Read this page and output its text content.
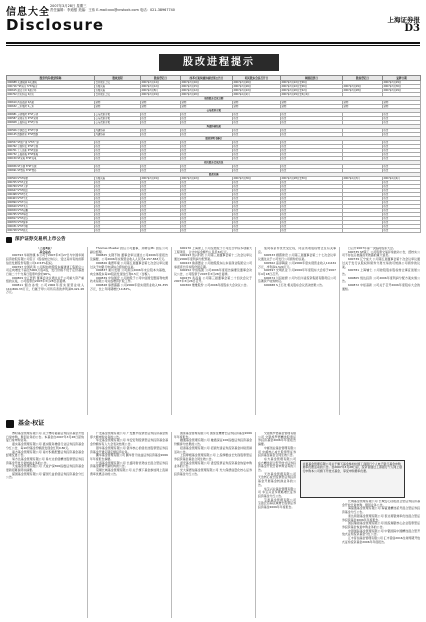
信息大全
2007年3月28日 星期三
责任编辑：李迪强 美编：王伟 E-mail:xxx@cnstock.com 电话：021-38967740
Disclosure	上海证券报
D3
股改进程提示
股票代码/股票简称	股改进程	股权登记日	改革方案沟通协商结果公告日	相关股东会议召开日	网络投票日	股权登记日	复牌日期
000688 天津玻璃 G天津玻	召开股东会议	2007年3月14日	2007年3月16日	2007年3月26日	2007年3月22日至26日		2007年3月29日
000716 *ST南方 S*ST南方	方案实施	2007年3月12日	2007年3月15日	2007年3月26日	2007年3月22日至26日	2007年3月29日	2007年3月30日
000615 湖北金环 S湖金环	方案实施	2007年3月8日	2007年3月12日	2007年3月22日	2007年3月20日至22日	2007年3月28日	2007年3月29日
000702 正虹科技 S正虹	召开股东会议	2007年3月19日	2007年3月20日	2007年4月2日	2007年3月29日至4月2日		
更改股东会议日期							
000610 西安旅游 S西旅	延期	延期	延期	延期	延期	延期	延期
000632 三木集团 S三木	延期	延期	延期	延期	延期	延期	延期
公布改革方案							
600681 万鸿集团 S*ST万鸿	公布改革方案	待定	待定	待定	待定		待定
000587 光明家具 S*ST光明	公布改革方案	待定	待定	待定	待定		待定
600608 上海科技 S*ST沪科	公布改革方案	待定	待定	待定	待定		待定
沟通协商结果							
000506 中润投资 S*ST中润	沟通协商	待定	待定	待定	待定		待定
600145 四维瓷业 S*ST四维	沟通协商	待定	待定	待定	待定		待定
股改说明书修订							
000557 ST银广夏 S*ST广夏	待定	待定	待定	待定	待定		待定
600762 金荔科农 S*ST金荔	待定	待定	待定	待定	待定		待定
600701 工大高新 S*ST高新	待定	待定	待定	待定	待定		待定
600732 上海新梅 S*ST新梅	待定	待定	待定	待定	待定		待定
000150 ST光电 S*ST光电	待定	待定	待定	待定	待定		待定
相关股东会议决议							
600656 ST方源 S*ST方源	待定	待定	待定	待定	待定		待定
000691 ST寰岛 S*ST寰岛	待定	待定	待定	待定	待定		待定
股改实施							
000509 S*ST华塑	方案实施	2007年3月19日	2007年3月22日	2007年3月30日	2007年3月28日至30日	2007年4月3日	2007年4月4日
600705 S*ST北亚	待定	待定	待定	待定	待定		待定
000769 S*ST大菲	待定	待定	待定	待定	待定		待定
600647 S*ST同达	待定	待定	待定	待定	待定		待定
000498 S*ST丹化	待定	待定	待定	待定	待定		待定
000403 S*ST生化	待定	待定	待定	待定	待定		待定
600890 S*ST中房	待定	待定	待定	待定	待定		待定
000620 S*ST圣方	待定	待定	待定	待定	待定		待定
600659 S*ST花雕	待定	待定	待定	待定	待定		待定
000765 S*ST华信	待定	待定	待定	待定	待定		待定
600817 S*ST宏盛	待定	待定	待定	待定	待定		待定
600870 S*ST厦华	待定	待定	待定	待定	待定		待定
000031 S*ST中粮	待定	待定	待定	待定	待定		待定
600728 S*ST新太	待定	待定	待定	待定	待定		待定
深沪证券交易所上市公告

（上接3版）

基金动态

000793 华闻传媒 本公司于2007年3月27日与中国华闻投资控股有限公司签订《股权转让协议》，受让其持有的首都信息发展股份有限公司19.53%股权。

000797 中国武夷 公司拟向控股股东福建建工集团总公司定向增发不超过5000万股A股，发行价格不低于定价基准日前二十个交易日股票均价的90%。

000809 中汇医药 董事会决议通过关于公司重大资产重组的议案，公司股票自2007年3月28日起复牌。

000811 烟台冰轮 公司2006年度实现营业收入110,866.33万元，归属于母公司所有者的净利润8,421.48万元。

Thomas Mueller 担任公司董事，并聘任Mr. 担任公司副总经理。

000825 太钢不锈 董事会审议通过公司2006年度报告及摘要，公司2006年实现营业收入人民币4,157,863万元。

000826 桑德环境 公司第五届董事会第七次会议审议通过关于向银行申请综合授信的议案。

000837 秦川发展 公司拟以2006年末总股本为基数，向全体股东每10股派发现金红利0.5元（含税）。

000839 中信国安 公司控股子公司中信国安盟固利电源技术有限公司完成增资扩股工作。

000848 承德露露 公司2006年度实现营业收入81,355万元，比上年同期增长14.82%。

600170 上海建工 公司及控股子公司近日中标多项重大工程项目，合计中标金额约人民币32亿元。

600193 创兴科技 公司第三届董事会第十二次会议审议通过2006年度利润分配预案。

600223 鲁商置业 公司控股股东山东省商业集团总公司承诺延长所持股份锁定期。

600252 中恒集团 公司2006年度报告摘要及董事会决议公告，公司股票于2007年3月28日复牌。

600275 武昌鱼 公司第三届董事会第二十四次会议于2007年3月26日召开。

600300 维维股份 公司2006年度股东大会决议公告。

成同等条件优先受让权，同意该项股权转让及有关事宜。

600533 栖霞建设 公司第三届董事会第二十七次会议审议通过关于公司发行公司债券的议案。

600562 高淳陶瓷 公司2006年度实现营业收入19,634万元，净利润1,520万元。

600597 光明乳业 公司2006年年度股东大会将于2007年4月18日召开。

600674 川投能源 公司与四川省投资集团有限责任公司签署资产收购协议。

600688 S上石化 相关股东会议表决结果公告。

日召开2007年第一次临时股东大会。

600735 ST陵工 公司股票交易异常波动公告，经核实公司不存在应披露而未披露的重大信息。

600739 辽宁成大 公司第五届董事会第十次会议审议通过关于发行认股权和债券分离交易的可转换公司债券的议案。

600781 上海辅仁 公司控股股东股权转让事宜进展公告。

600805 悦达投资 公司2006年度利润分配方案实施公告。

600872 中炬高新 公司关于召开2006年度股东大会的通知。

基金·权证

博时基金管理有限公司 关于博时裕富证券投资基金开放日常申购、赎回业务的公告。本基金自2007年3月28日起恢复日常申购业务。

嘉实基金管理有限公司 嘉实服务增值行业证券投资基金分红公告，每10份基金份额派发现金红利0.80元。

南方基金管理有限公司 南方积极配置证券投资基金基金经理变更公告。

易方达基金管理有限公司 易方达价值精选股票型证券投资基金开放日常转换业务的公告。

大成基金管理有限公司 大成沪深300指数证券投资基金更新招募说明书摘要。

富国基金管理有限公司 富国天益价值证券投资基金分红公告。

广发基金管理有限公司 广发聚丰股票型证券投资基金暂停大额申购业务的公告。

华安基金管理有限公司 华安宏利股票型证券投资基金基金份额持有人大会表决结果公告。

银华基金管理有限公司 银华核心价值优选股票型证券投资基金开通定期定额投资业务。

鹏华基金管理有限公司 鹏华普天收益证券投资基金2006年年度报告摘要。

长盛基金管理有限公司 长盛同智优势成长混合型证券投资基金新增代销机构的公告。

景顺长城基金管理有限公司 关于旗下基金参加网上直销费率优惠活动的公告。

国泰基金管理有限公司 国泰金鹰增长证券投资基金2006年年度报告。

融通基金管理有限公司 融通深证100指数证券投资基金份额拆分结果的公告。

招商基金管理有限公司 招商先锋证券投资基金持续营销活动公告。

上投摩根基金管理有限公司 上投摩根成长先锋股票型证券投资基金基金合同生效公告。

诺安基金管理有限公司 诺安股票证券投资基金恢复申购业务的公告。

光大保德信基金管理有限公司 光大保德信量化核心证券投资基金分红公告。

交银施罗德基金管理有限公司 交银施罗德精选股票证券投资基金2006年年度报告摘要。

中邮创业基金管理有限公司 中邮核心成长股票型证券投资基金基金合同生效公告。

东方基金管理有限公司 东方精选混合型开放式证券投资基金开放日常申购业务的公告。

天治基金管理有限公司 天治核心成长股票型证券投资基金开展基金转换业务的公告。

华宝兴业基金管理有限公司 华宝兴业多策略增长证券投资基金分红公告。

宝盈基金管理有限公司 宝盈泛沿海区域增长股票证券投资基金2006年年度报告。

华夏基金管理有限公司关于旗下基金参加中国工商银行个人电子银行基金申购费率优惠活动的公告。自2007年3月28日起，投资者通过工商银行个人网上银行申购本公司旗下开放式基金，享受申购费率优惠。

长城基金管理有限公司 长城安心回报混合型证券投资基金开放日常申购、赎回业务公告。

海富通基金管理有限公司 海富通精选贰号混合型证券投资基金分红公告。

泰达荷银基金管理有限公司 泰达荷银效率优选混合型证券投资基金2006年年度报告。

国投瑞银基金管理有限公司 国投瑞银核心企业股票型证券投资基金恢复申购业务的公告。

中银国际基金管理有限公司 中银国际中国精选混合型开放式证券投资基金分红公告。

汇丰晋信基金管理有限公司 汇丰晋信2016生命周期开放式证券投资基金2006年年度报告。
